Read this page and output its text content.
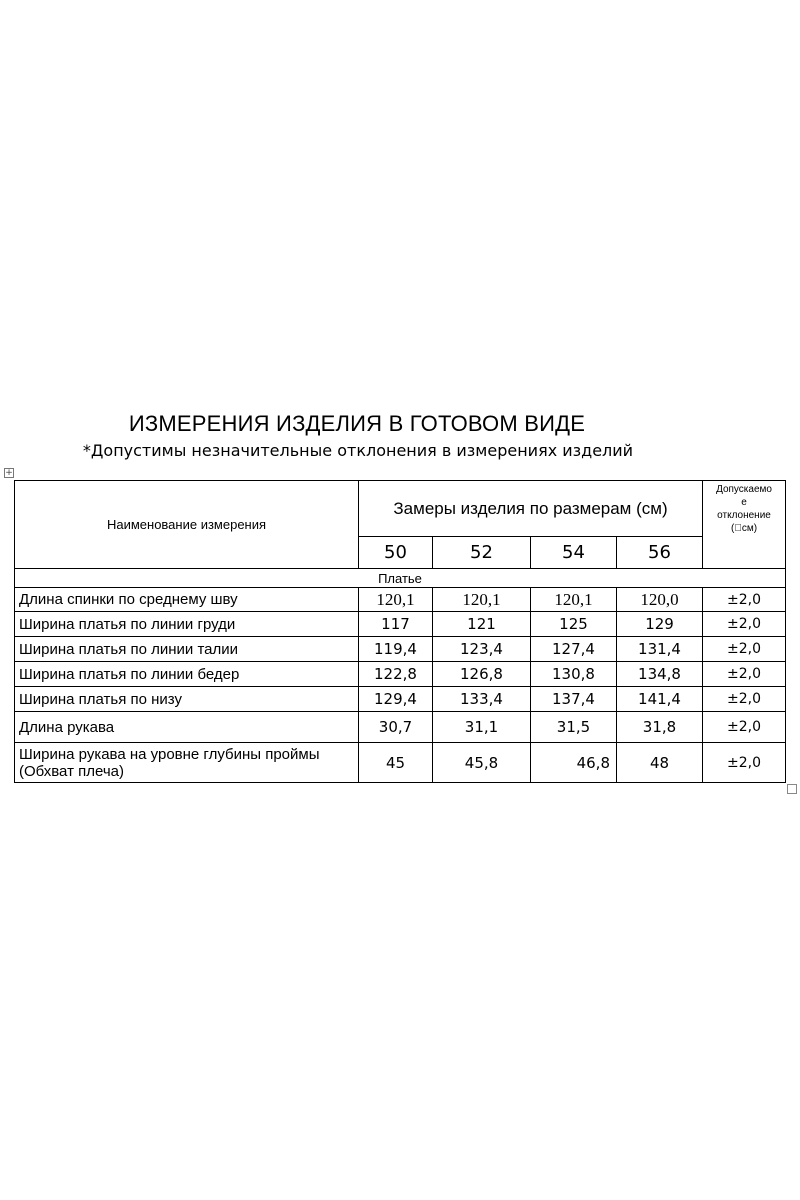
ИЗМЕРЕНИЯ ИЗДЕЛИЯ В ГОТОВОМ ВИДЕ
*Допустимы незначительные отклонения в измерениях изделий
+
Наименование измерения	Замеры изделия по размерам (см)				Допускаемо
е
отклонение
( см)

	50	52	54	56	
Платье					
Длина спинки по среднему шву	120,1	120,1	120,1	120,0	±2,0
Ширина платья по линии груди	117	121	125	129	±2,0
Ширина платья по линии талии	119,4	123,4	127,4	131,4	±2,0
Ширина платья по линии бедер	122,8	126,8	130,8	134,8	±2,0
Ширина платья по низу	129,4	133,4	137,4	141,4	±2,0
Длина рукава	30,7	31,1	31,5	31,8	±2,0
Ширина рукава на уровне глубины проймы (Обхват плеча)	45	45,8	46,8	48	±2,0
